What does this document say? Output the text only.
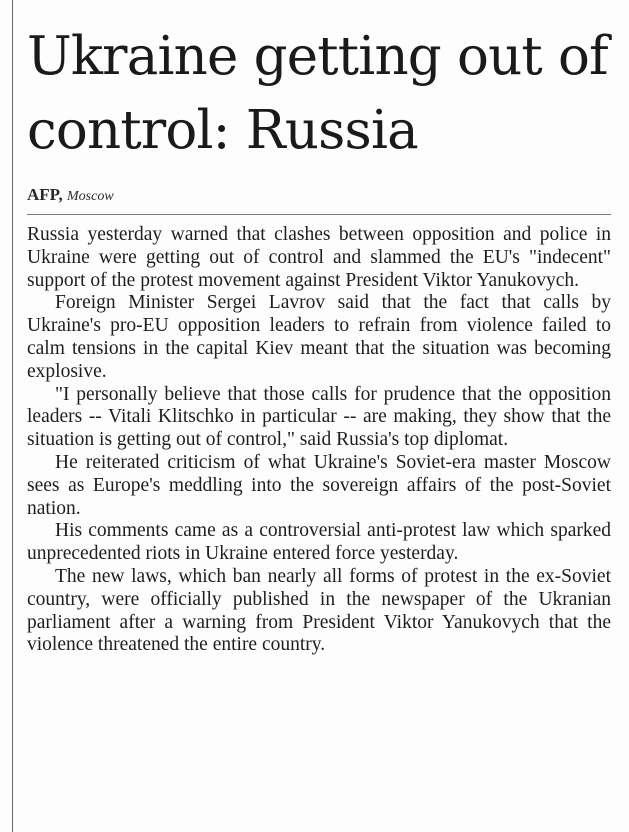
Ukraine getting out of control: Russia
AFP, Moscow

Russia yesterday warned that clashes between opposition and police in Ukraine were getting out of control and slammed the EU's "indecent" support of the protest movement against President Viktor Yanukovych.

Foreign Minister Sergei Lavrov said that the fact that calls by Ukraine's pro-EU opposition leaders to refrain from violence failed to calm tensions in the capital Kiev meant that the situation was becoming explosive.

"I personally believe that those calls for prudence that the opposition leaders -- Vitali Klitschko in particular -- are making, they show that the situation is getting out of control," said Russia's top diplomat.

He reiterated criticism of what Ukraine's Soviet-era master Moscow sees as Europe's meddling into the sovereign affairs of the post-Soviet nation.

His comments came as a controversial anti-protest law which sparked unprecedented riots in Ukraine entered force yesterday.

The new laws, which ban nearly all forms of protest in the ex-Soviet country, were officially published in the newspaper of the Ukranian parliament after a warning from President Viktor Yanukovych that the violence threatened the entire country.
